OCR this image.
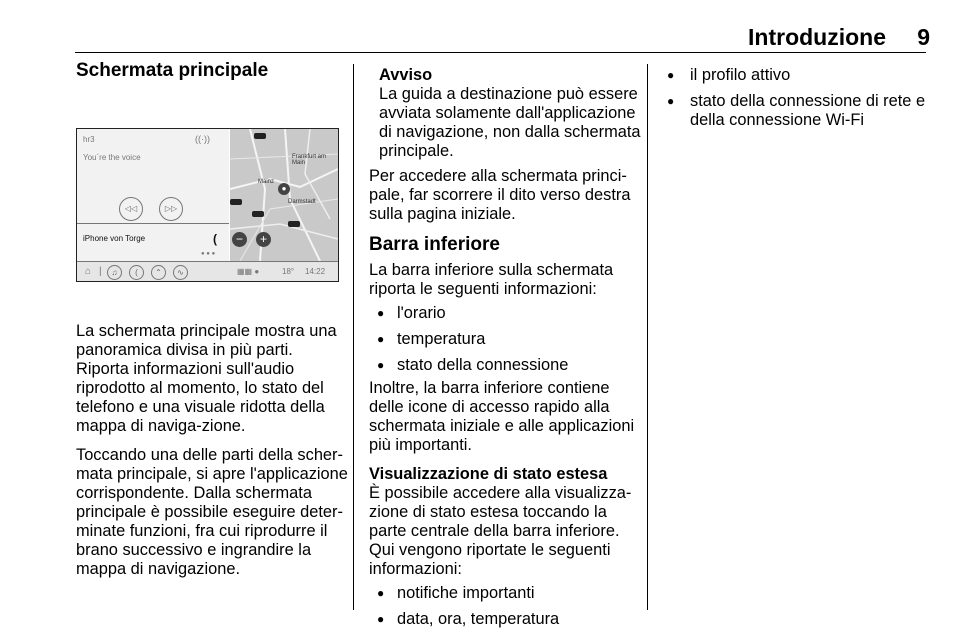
Introduzione 9
Schermata principale
hr3
You´re the voice
((·))
◁◁	▷▷
iPhone von Torge	(
● ● ●
Frankfurt am Main
Mainz
Darmstadt
●
−	+
⌂ |	♫	(	⌃	∿	▦▦ ●	18° 14:22

La schermata principale mostra una panoramica divisa in più parti. Riporta informazioni sull'audio riprodotto al momento, lo stato del telefono e una visuale ridotta della mappa di naviga-zione.

Toccando una delle parti della scher-mata principale, si apre l'applicazione corrispondente. Dalla schermata principale è possibile eseguire deter-minate funzioni, fra cui riprodurre il brano successivo e ingrandire la mappa di navigazione.

Avviso
La guida a destinazione può essere avviata solamente dall'applicazione di navigazione, non dalla schermata principale.

Per accedere alla schermata princi-pale, far scorrere il dito verso destra sulla pagina iniziale.

Barra inferiore

La barra inferiore sulla schermata riporta le seguenti informazioni:

● l'orario
● temperatura
● stato della connessione

Inoltre, la barra inferiore contiene delle icone di accesso rapido alla schermata iniziale e alle applicazioni più importanti.

Visualizzazione di stato estesa

È possibile accedere alla visualizza-zione di stato estesa toccando la parte centrale della barra inferiore. Qui vengono riportate le seguenti informazioni:

● notifiche importanti
● data, ora, temperatura
● il profilo attivo
● stato della connessione di rete e della connessione Wi-Fi
